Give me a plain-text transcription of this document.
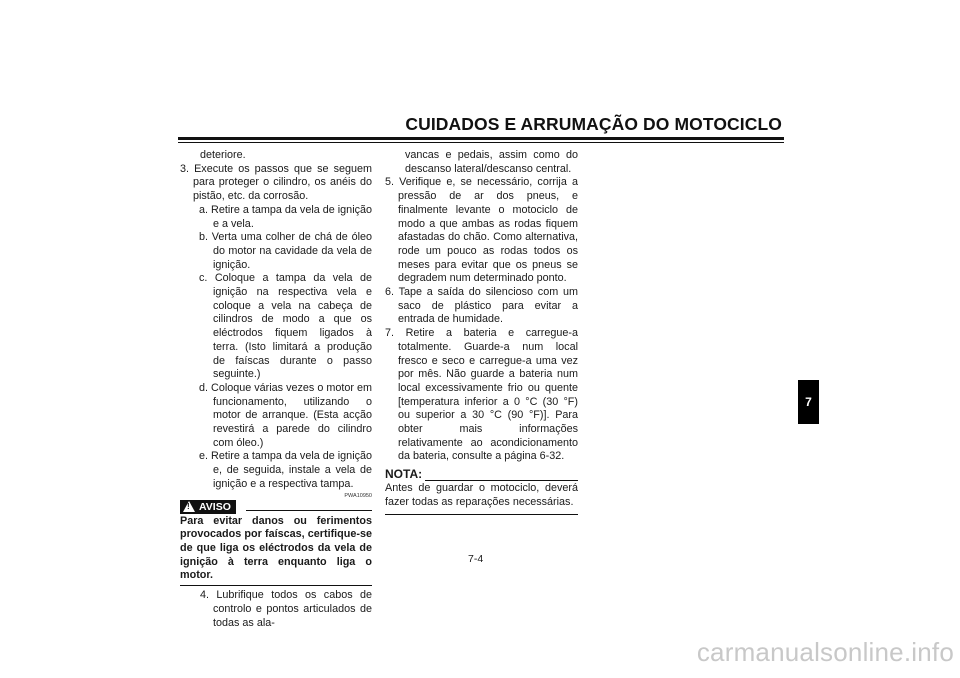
CUIDADOS E ARRUMAÇÃO DO MOTOCICLO
deteriore.
3. Execute os passos que se seguem para proteger o cilindro, os anéis do pistão, etc. da corrosão.
a. Retire a tampa da vela de ignição e a vela.
b. Verta uma colher de chá de óleo do motor na cavidade da vela de ignição.
c. Coloque a tampa da vela de ignição na respectiva vela e coloque a vela na cabeça de cilindros de modo a que os eléctrodos fiquem ligados à terra. (Isto limitará a produção de faíscas durante o passo seguinte.)
d. Coloque várias vezes o motor em funcionamento, utilizando o motor de arranque. (Esta acção revestirá a parede do cilindro com óleo.)
e. Retire a tampa da vela de ignição e, de seguida, instale a vela de ignição e a respectiva tampa.
! AVISO
PWA10950
Para evitar danos ou ferimentos provocados por faíscas, certifique-se de que liga os eléctrodos da vela de ignição à terra enquanto liga o motor.
4. Lubrifique todos os cabos de controlo e pontos articulados de todas as ala-
vancas e pedais, assim como do descanso lateral/descanso central.
5. Verifique e, se necessário, corrija a pressão de ar dos pneus, e finalmente levante o motociclo de modo a que ambas as rodas fiquem afastadas do chão. Como alternativa, rode um pouco as rodas todos os meses para evitar que os pneus se degradem num determinado ponto.
6. Tape a saída do silencioso com um saco de plástico para evitar a entrada de humidade.
7. Retire a bateria e carregue-a totalmente. Guarde-a num local fresco e seco e carregue-a uma vez por mês. Não guarde a bateria num local excessivamente frio ou quente [temperatura inferior a 0 °C (30 °F) ou superior a 30 °C (90 °F)]. Para obter mais informações relativamente ao acondicionamento da bateria, consulte a página 6-32.
NOTA:
Antes de guardar o motociclo, deverá fazer todas as reparações necessárias.
7-4
7
carmanualsonline.info
